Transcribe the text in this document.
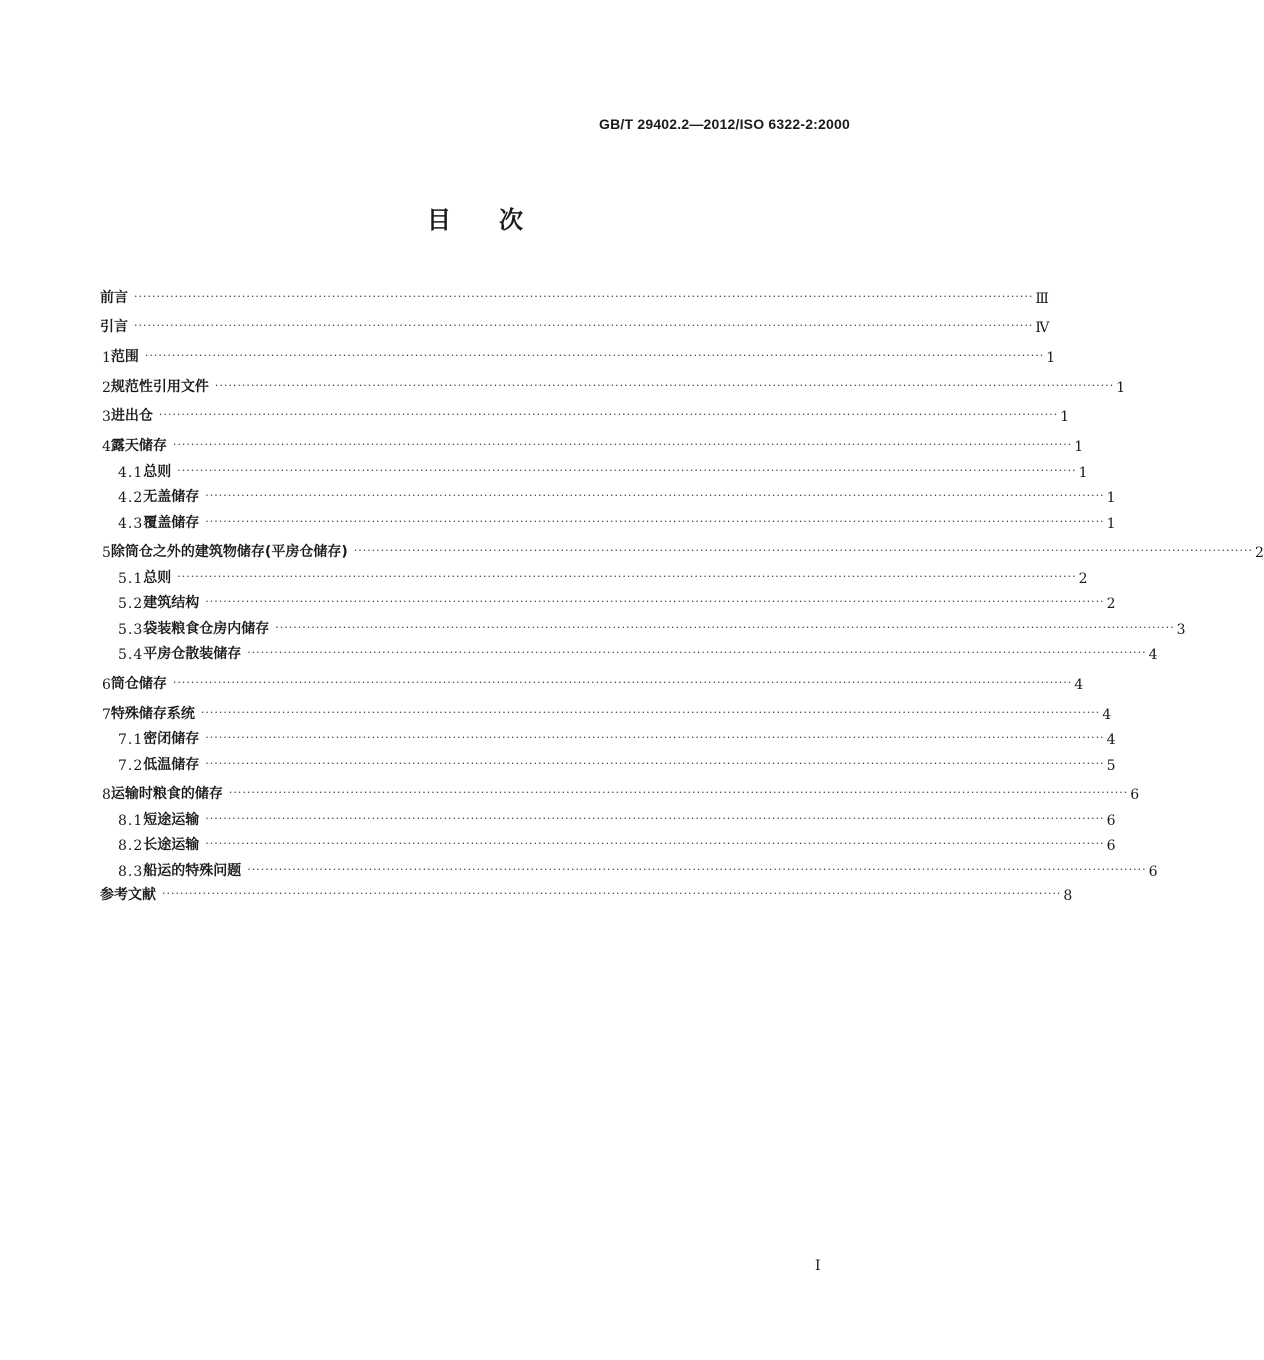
GB/T 29402.2—2012/ISO 6322-2:2000
目次
前言 ········································································································································································································ Ⅲ
引言 ········································································································································································································ Ⅳ
1 范围 ········································································································································································································ 1
2 规范性引用文件 ········································································································································································································ 1
3 进出仓 ········································································································································································································ 1
4 露天储存 ········································································································································································································ 1
4.1 总则 ········································································································································································································ 1
4.2 无盖储存 ········································································································································································································ 1
4.3 覆盖储存 ········································································································································································································ 1
5 除筒仓之外的建筑物储存(平房仓储存) ········································································································································································································ 2
5.1 总则 ········································································································································································································ 2
5.2 建筑结构 ········································································································································································································ 2
5.3 袋装粮食仓房内储存 ········································································································································································································ 3
5.4 平房仓散装储存 ········································································································································································································ 4
6 筒仓储存 ········································································································································································································ 4
7 特殊储存系统 ········································································································································································································ 4
7.1 密闭储存 ········································································································································································································ 4
7.2 低温储存 ········································································································································································································ 5
8 运输时粮食的储存 ········································································································································································································ 6
8.1 短途运输 ········································································································································································································ 6
8.2 长途运输 ········································································································································································································ 6
8.3 船运的特殊问题 ········································································································································································································ 6
参考文献 ········································································································································································································ 8
I
